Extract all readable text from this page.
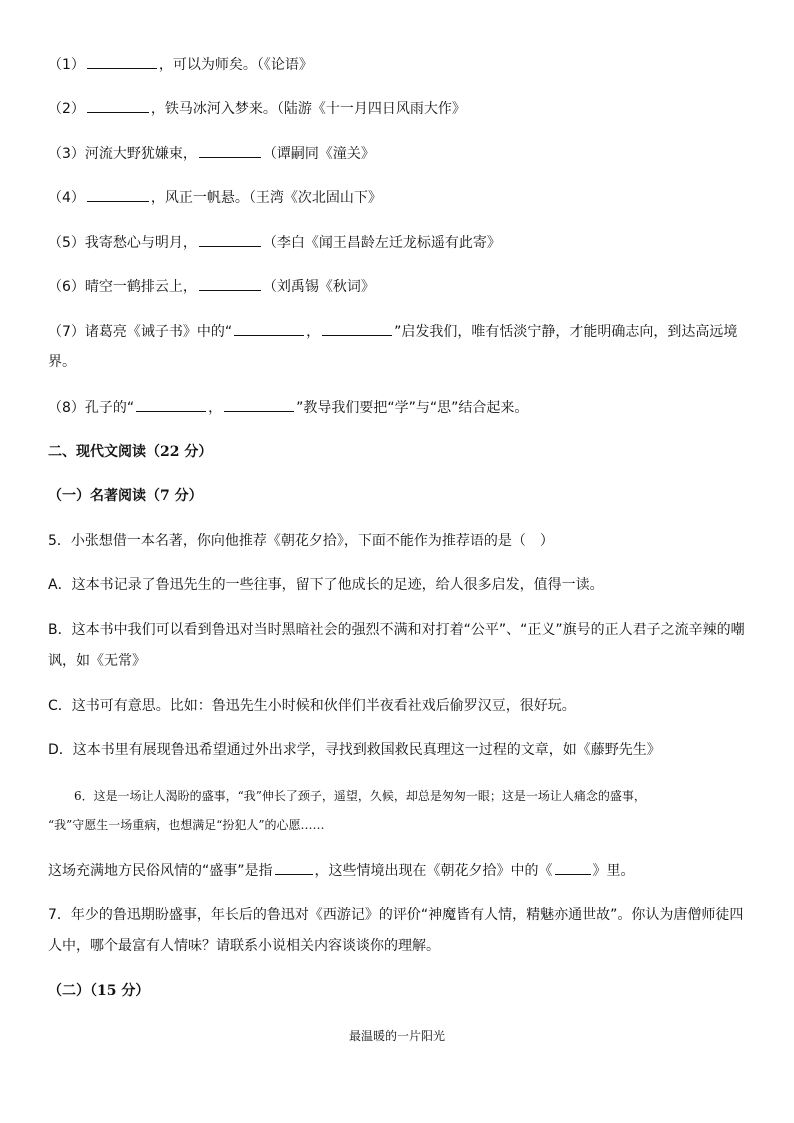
（1）	，可以为师矣。（《论语》
（2）	，铁马冰河入梦来。（陆游《十一月四日风雨大作》
（3）河流大野犹嫌束，	（谭嗣同《潼关》
（4）	，风正一帆悬。（王湾《次北固山下》
（5）我寄愁心与明月，	（李白《闻王昌龄左迁龙标遥有此寄》
（6）晴空一鹤排云上，	（刘禹锡《秋词》
（7）诸葛亮《诫子书》中的“	，	”启发我们，唯有恬淡宁静，才能明确志向，到达高远境
界。
（8）孔子的“	，	”教导我们要把“学”与“思”结合起来。
二、现代文阅读（22 分）
（一）名著阅读（7 分）
5．小张想借一本名著，你向他推荐《朝花夕拾》，下面不能作为推荐语的是（　）
A．这本书记录了鲁迅先生的一些往事，留下了他成长的足迹，给人很多启发，值得一读。
B．这本书中我们可以看到鲁迅对当时黑暗社会的强烈不满和对打着“公平”、“正义”旗号的正人君子之流辛辣的嘲
讽，如《无常》
C．这书可有意思。比如：鲁迅先生小时候和伙伴们半夜看社戏后偷罗汉豆，很好玩。
D．这本书里有展现鲁迅希望通过外出求学，寻找到救国救民真理这一过程的文章，如《藤野先生》
6．这是一场让人渴盼的盛事，“我”伸长了颈子，遥望，久候，却总是匆匆一眼；这是一场让人痛念的盛事，
“我”守愿生一场重病，也想满足“扮犯人”的心愿……
这场充满地方民俗风情的“盛事”是指	，这些情境出现在《朝花夕拾》中的《	》里。
7．年少的鲁迅期盼盛事，年长后的鲁迅对《西游记》的评价“神魔皆有人情，精魅亦通世故”。你认为唐僧师徒四
人中，哪个最富有人情味？请联系小说相关内容谈谈你的理解。
（二）（15 分）
最温暖的一片阳光
